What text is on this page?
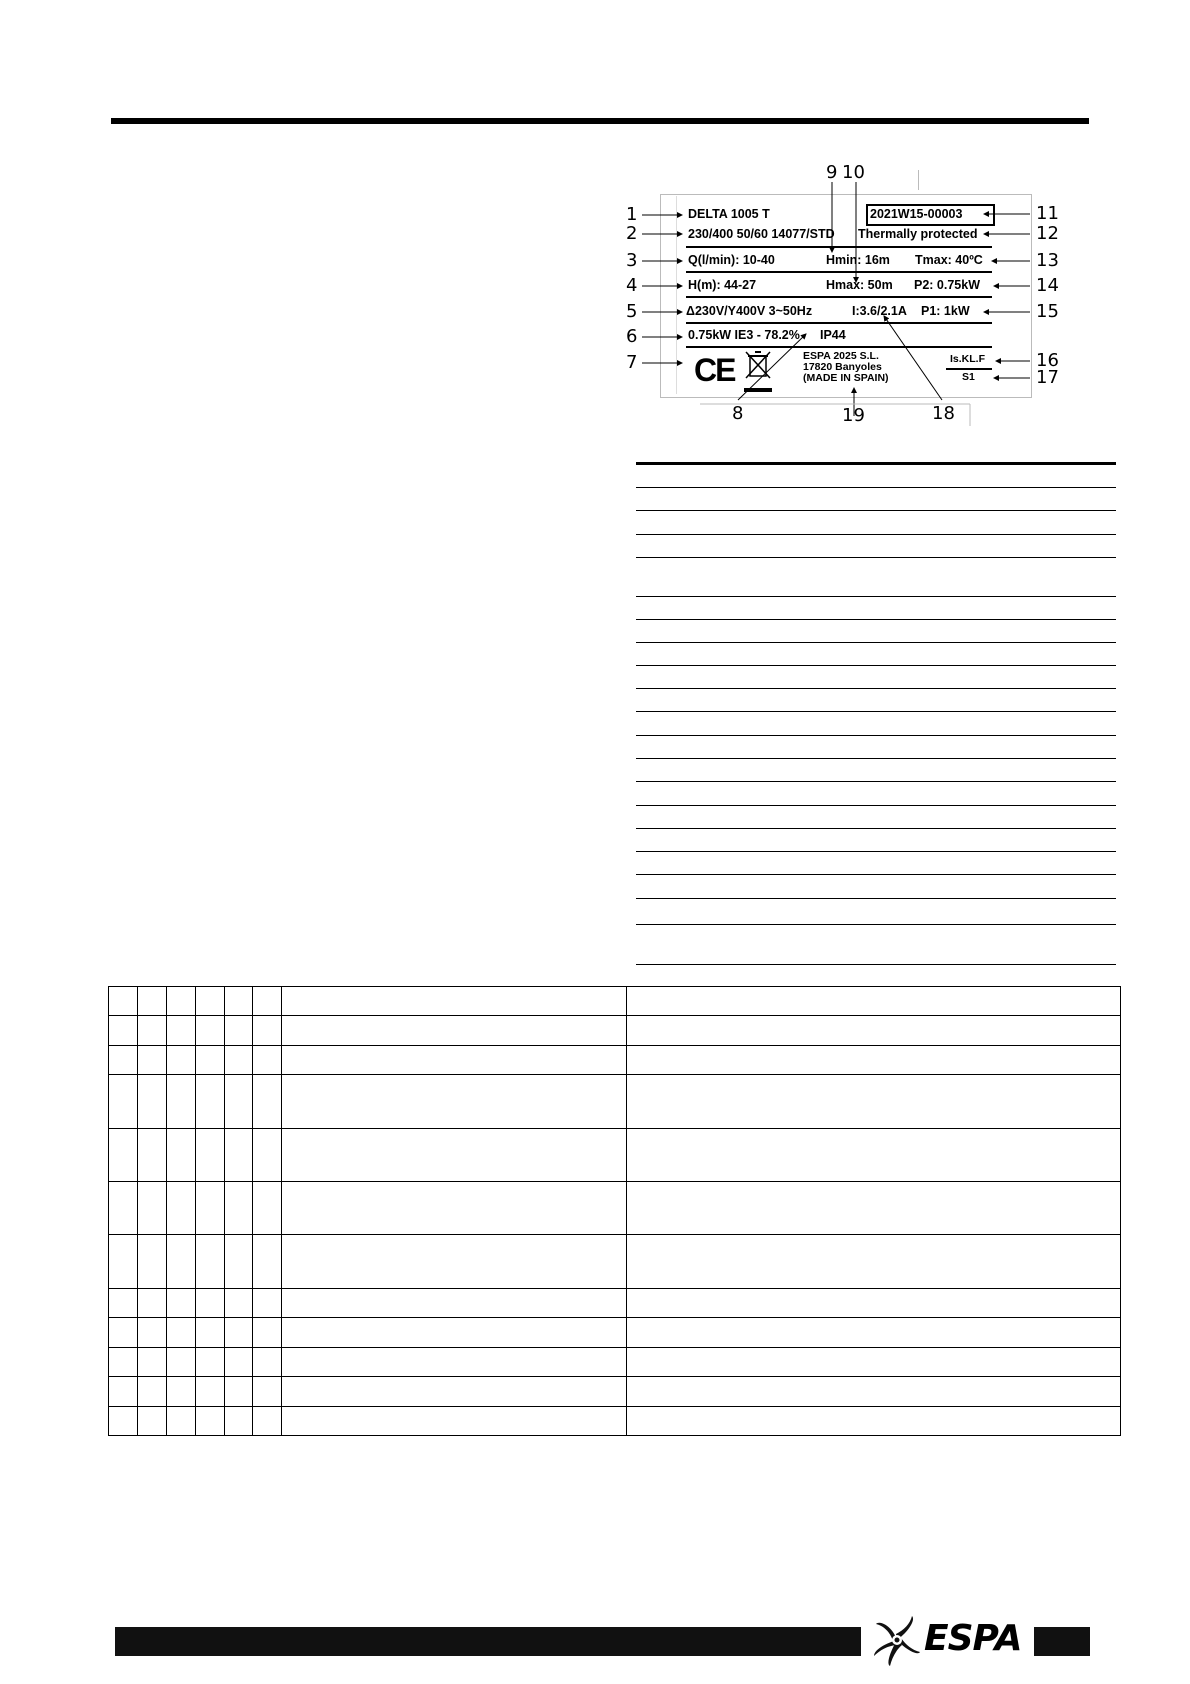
DELTA 1005 T	2021W15-00003
230/400 50/60 14077/STD Thermally protected
Q(l/min): 10-40	Hmin: 16m Tmax: 40ºC
H(m): 44-27	Hmax: 50m P2: 0.75kW
Δ230V/Y400V 3~50Hz	I:3.6/2.1A P1: 1kW
0.75kW IE3 - 78.2% IP44
CE	ESPA 2025 S.L.
17820 Banyoles
(MADE IN SPAIN)
Is.KL.F
S1
1
2
3
4
5
6
7
8
9 10
11
12
13
14
15
16
17
18
19

ESPA
